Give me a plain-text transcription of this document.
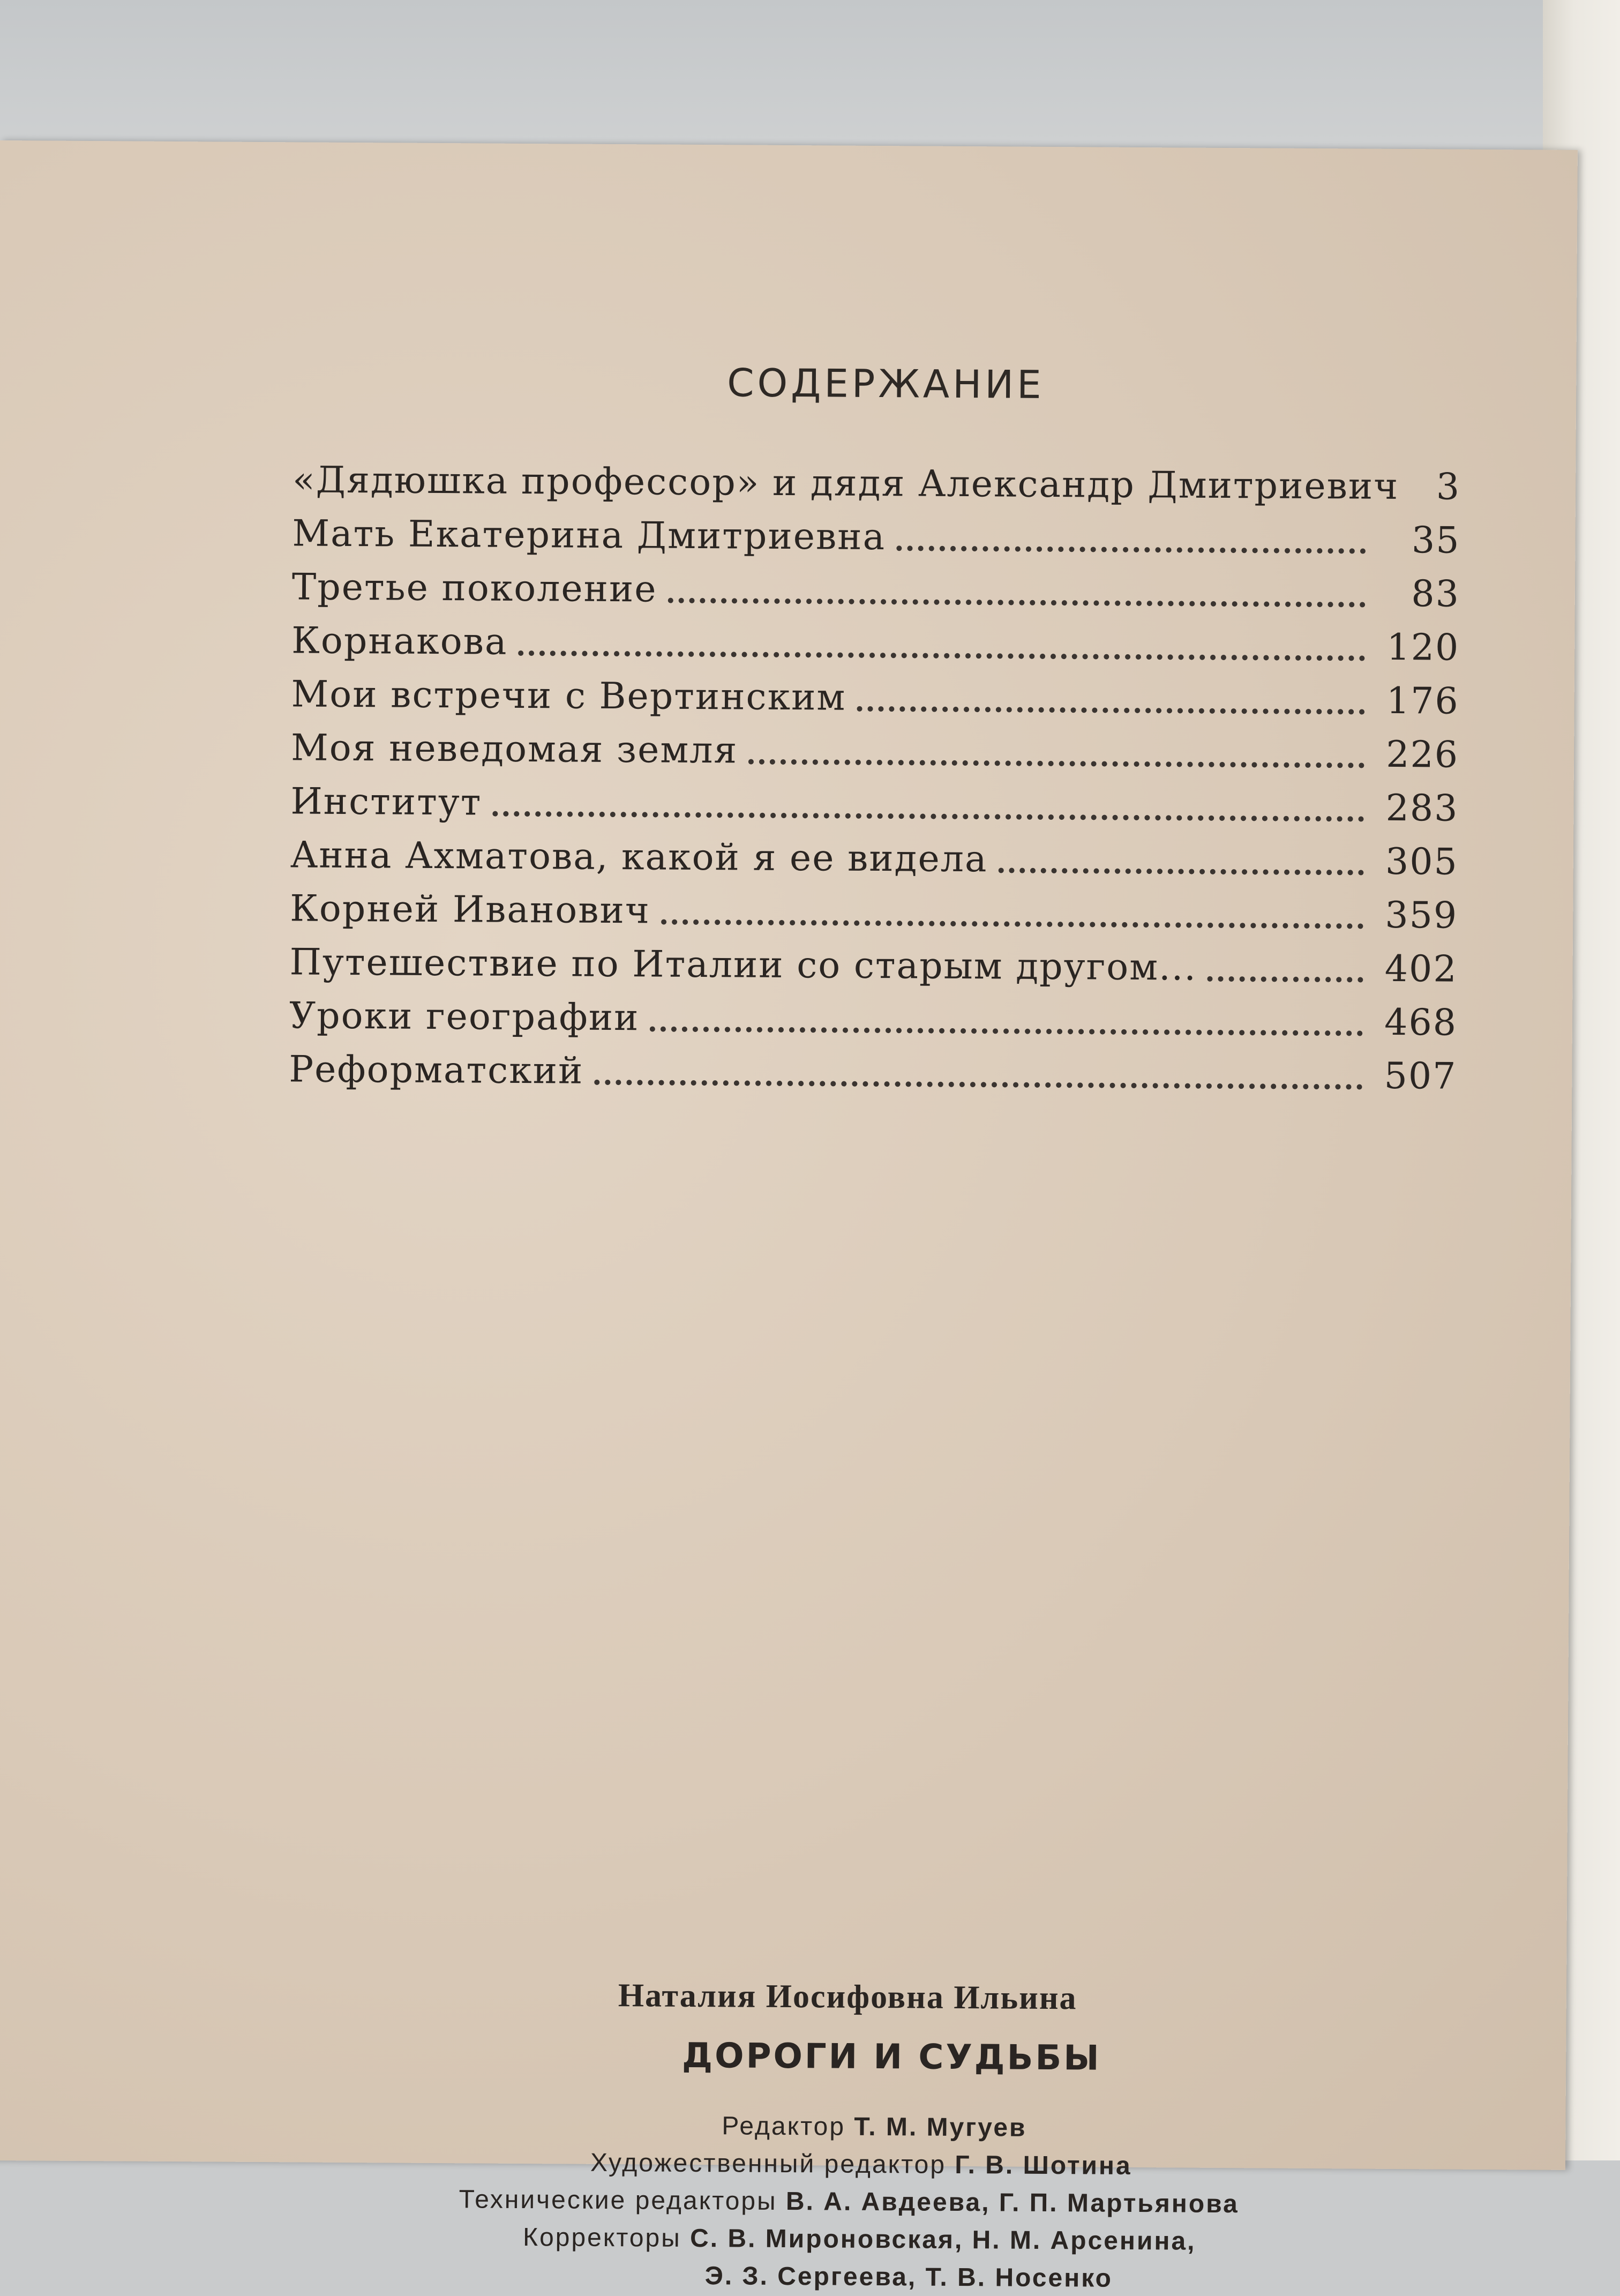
СОДЕРЖАНИЕ
«Дядюшка профессор» и дядя Александр Дмитриевич 3
Мать Екатерина Дмитриевна	35
Третье поколение	83
Корнакова	120
Мои встречи с Вертинским	176
Моя неведомая земля	226
Институт	283
Анна Ахматова, какой я ее видела	305
Корней Иванович	359
Путешествие по Италии со старым другом...	402
Уроки географии	468
Реформатский	507
Наталия Иосифовна Ильина
ДОРОГИ И СУДЬБЫ
Редактор Т. М. Мугуев
Художественный редактор Г. В. Шотина
Технические редакторы В. А. Авдеева, Г. П. Мартьянова
Корректоры С. В. Мироновская, Н. М. Арсенина,
Э. З. Сергеева, Т. В. Носенко
